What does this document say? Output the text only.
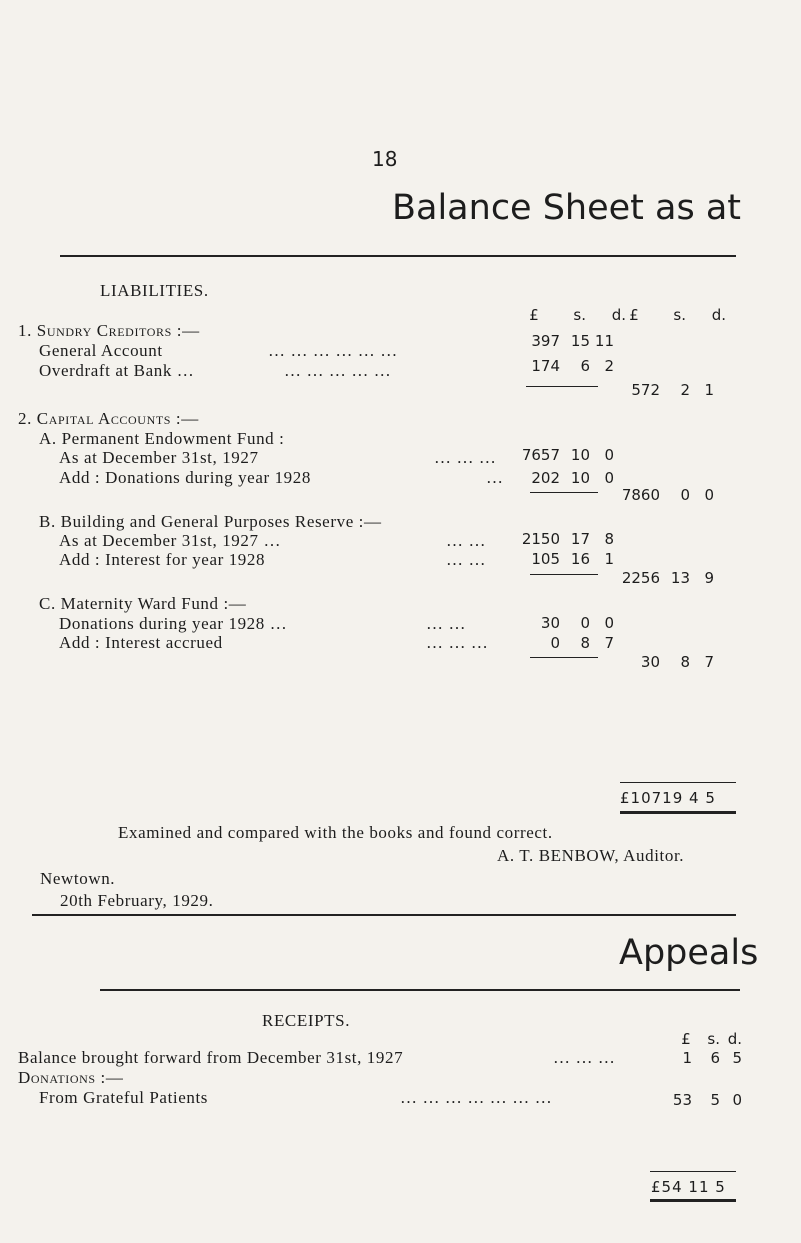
18
Balance Sheet as at
LIABILITIES.
£	s.	d. £	s.	d.
1. Sundry Creditors :—
General Account	… … … … … …	397 15 11
Overdraft at Bank …	… … … … …	174	6 2
572	2 1
2. Capital Accounts :—
A. Permanent Endowment Fund :
As at December 31st, 1927	… … …	7657 10 0
Add : Donations during year 1928	…	202 10 0
7860	0 0
B. Building and General Purposes Reserve :—
As at December 31st, 1927 …	… …	2150 17 8
Add : Interest for year 1928	… …	105 16 1
2256 13 9
C. Maternity Ward Fund :—
Donations during year 1928 …	… …	30	0 0
Add : Interest accrued	… … …	0	8 7
30	8 7
£10719 4 5
Examined and compared with the books and found correct.
A. T. BENBOW, Auditor.
Newtown.
20th February, 1929.
Appeals
RECEIPTS.
£	s. d.
Balance brought forward from December 31st, 1927	… … …	1	6 5
Donations :—
From Grateful Patients	… … … … … … …	53	5 0
£54 11 5
